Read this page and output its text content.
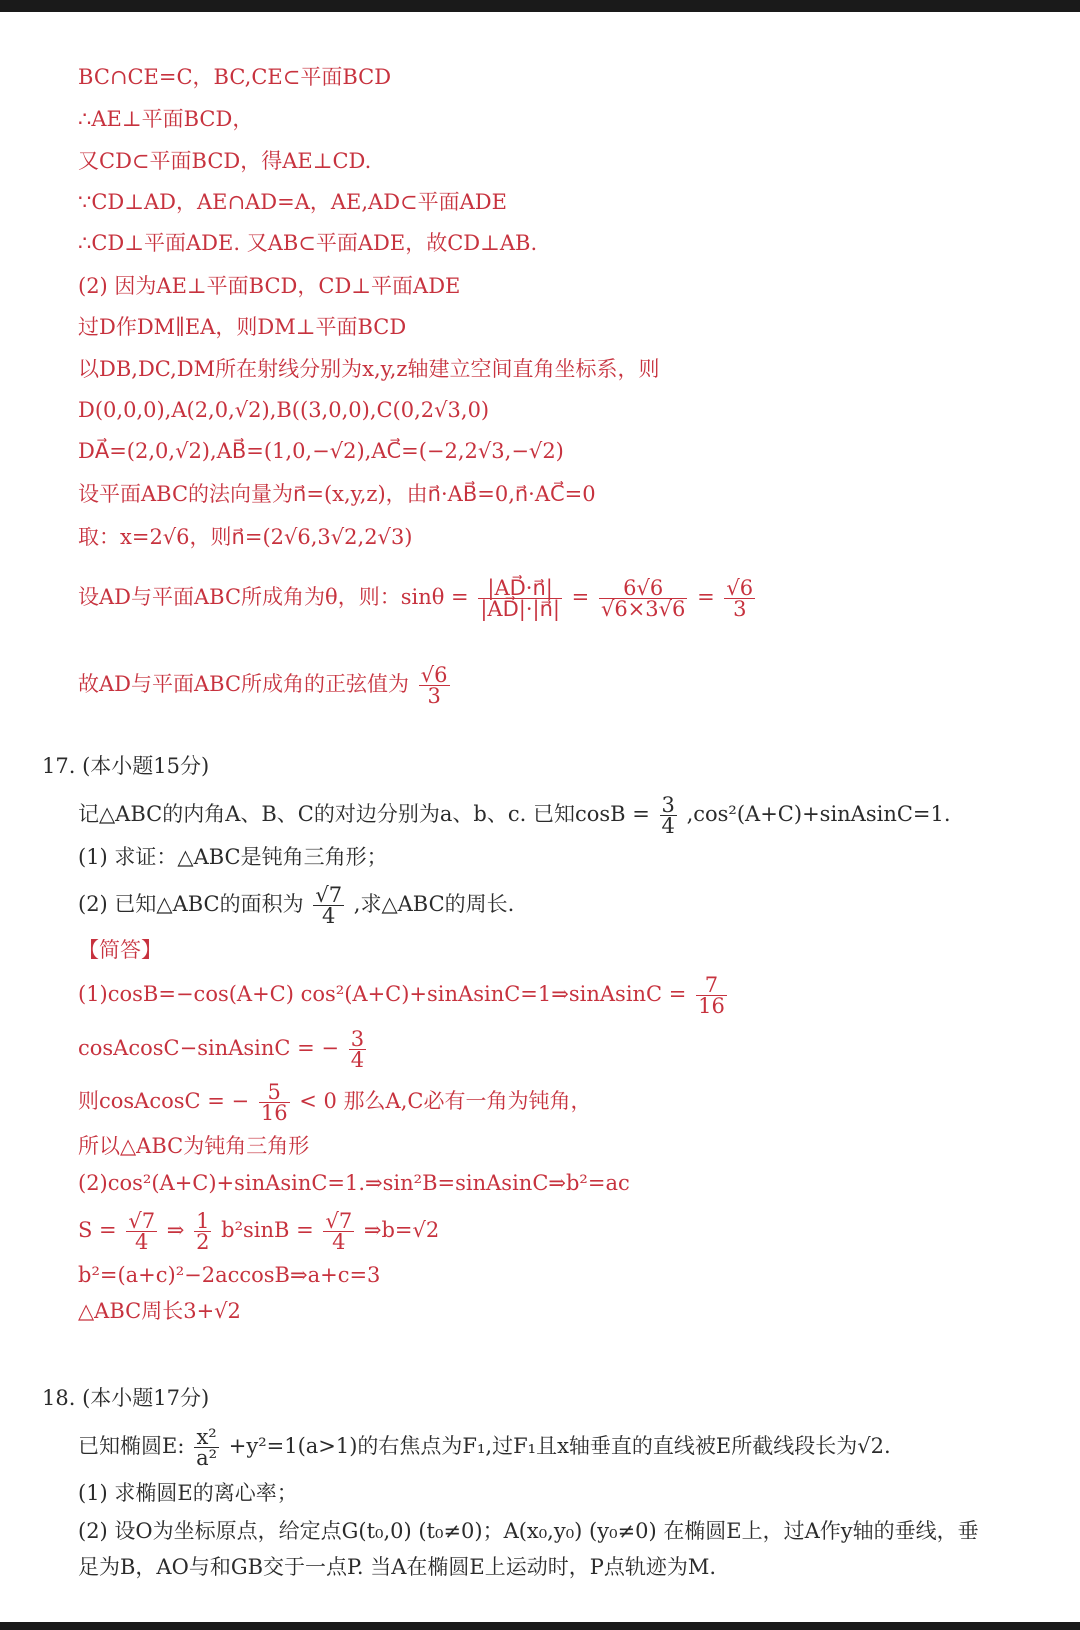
BC∩CE=C，BC,CE⊂平面BCD
∴AE⊥平面BCD，
又CD⊂平面BCD，得AE⊥CD.
∵CD⊥AD，AE∩AD=A，AE,AD⊂平面ADE
∴CD⊥平面ADE. 又AB⊂平面ADE，故CD⊥AB.
(2) 因为AE⊥平面BCD，CD⊥平面ADE
过D作DM∥EA，则DM⊥平面BCD
以DB,DC,DM所在射线分别为x,y,z轴建立空间直角坐标系，则
D(0,0,0),A(2,0,√2),B((3,0,0),C(0,2√3,0)
DA⃗=(2,0,√2),AB⃗=(1,0,−√2),AC⃗=(−2,2√3,−√2)
设平面ABC的法向量为n⃗=(x,y,z)，由n⃗·AB⃗=0,n⃗·AC⃗=0
取：x=2√6，则n⃗=(2√6,3√2,2√3)
设AD与平面ABC所成角为θ，则：$\sin\theta = \frac{|AD⃗\cdot n⃗|}{|AD⃗|\cdot|n⃗|} = \frac{6√6}{√6\times 3√6} = \frac{√6}{3}$
故AD与平面ABC所成角的正弦值为 $\frac{√6}{3}$
17. (本小题15分)
记△ABC的内角A、B、C的对边分别为a、b、c. 已知$\cos B = \frac{3}{4}$ ,cos²(A+C)+sinAsinC=1.
(1) 求证：△ABC是钝角三角形；
(2) 已知△ABC的面积为 $\frac{√7}{4}$ ,求△ABC的周长.
【简答】
(1)cosB=−cos(A+C) cos²(A+C)+sinAsinC=1⇒sinAsinC = $\frac{7}{16}$
cosAcosC−sinAsinC = − $\frac{3}{4}$
则cosAcosC = − $\frac{5}{16} < 0$ 那么A,C必有一角为钝角，
所以△ABC为钝角三角形
(2)cos²(A+C)+sinAsinC=1.⇒sin²B=sinAsinC⇒b²=ac
$S = \frac{√7}{4}$ ⇒ $\frac{1}{2} b^2\sin B = \frac{√7}{4}$ ⇒b=√2
b²=(a+c)²−2accosB⇒a+c=3
△ABC周长3+√2
18. (本小题17分)
已知椭圆E: $\frac{\text{x²}}{\text{a²}} +y^2=1(a>1)$的右焦点为F₁,过F₁且x轴垂直的直线被E所截线段长为√2.
(1) 求椭圆E的离心率；
(2) 设O为坐标原点，给定点G(t₀,0) (t₀≠0)；A(x₀,y₀) (y₀≠0) 在椭圆E上，过A作y轴的垂线，垂
足为B，AO与和GB交于一点P. 当A在椭圆E上运动时，P点轨迹为M.
